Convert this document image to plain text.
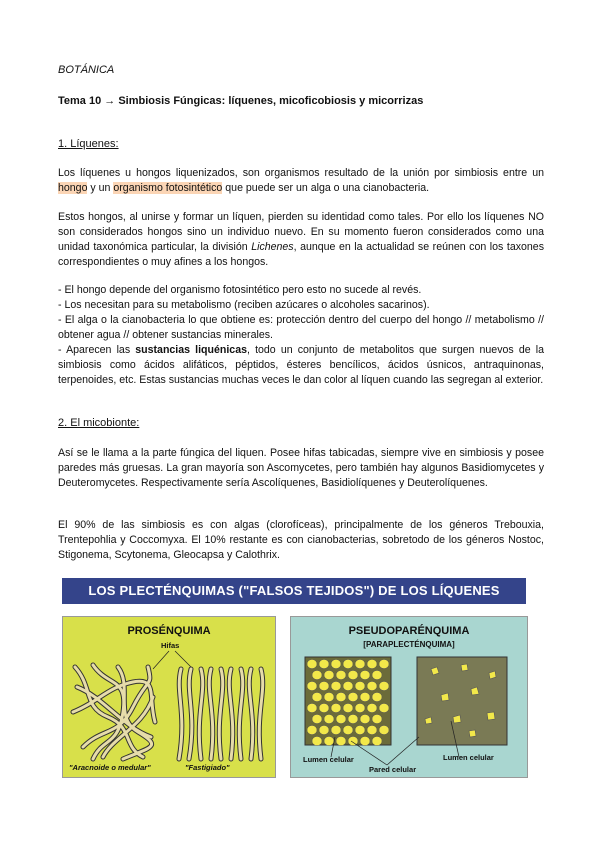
BOTÁNICA
Tema 10 → Simbiosis Fúngicas: líquenes, micoficobiosis y micorrizas
1. Líquenes:
Los líquenes u hongos liquenizados, son organismos resultado de la unión por simbiosis entre un hongo y un organismo fotosintético que puede ser un alga o una cianobacteria.
Estos hongos, al unirse y formar un líquen, pierden su identidad como tales. Por ello los líquenes NO son considerados hongos sino un individuo nuevo. En su momento fueron considerados como una unidad taxonómica particular, la división Lichenes, aunque en la actualidad se reúnen con los taxones correspondientes o muy afines a los hongos.
- El hongo depende del organismo fotosintético pero esto no sucede al revés.
- Los necesitan para su metabolismo (reciben azúcares o alcoholes sacarinos).
- El alga o la cianobacteria lo que obtiene es: protección dentro del cuerpo del hongo // metabolismo // obtener agua // obtener sustancias minerales.
- Aparecen las sustancias liquénicas, todo un conjunto de metabolitos que surgen nuevos de la simbiosis como ácidos alifáticos, péptidos, ésteres bencílicos, ácidos úsnicos, antraquinonas, terpenoides, etc. Estas sustancias muchas veces le dan color al líquen cuando las segregan al exterior.
2. El micobionte:
Así se le llama a la parte fúngica del liquen. Posee hifas tabicadas, siempre vive en simbiosis y posee paredes más gruesas. La gran mayoría son Ascomycetes, pero también hay algunos Basidiomycetes y Deuteromycetes. Respectivamente sería Ascolíquenes, Basidiolíquenes y Deuterolíquenes.
El 90% de las simbiosis es con algas (clorofíceas), principalmente de los géneros Trebouxia, Trentepohlia y Coccomyxa. El 10% restante es con cianobacterias, sobretodo de los géneros Nostoc, Stigonema, Scytonema, Gleocapsa y Calothrix.
LOS PLECTÉNQUIMAS ("FALSOS TEJIDOS") DE LOS LÍQUENES
PROSÉNQUIMA
Hifas
"Aracnoide o medular"	"Fastigiado"
PSEUDOPARÉNQUIMA
[PARAPLECTÉNQUIMA]
Lumen celular
Pared celular
Lumen celular
